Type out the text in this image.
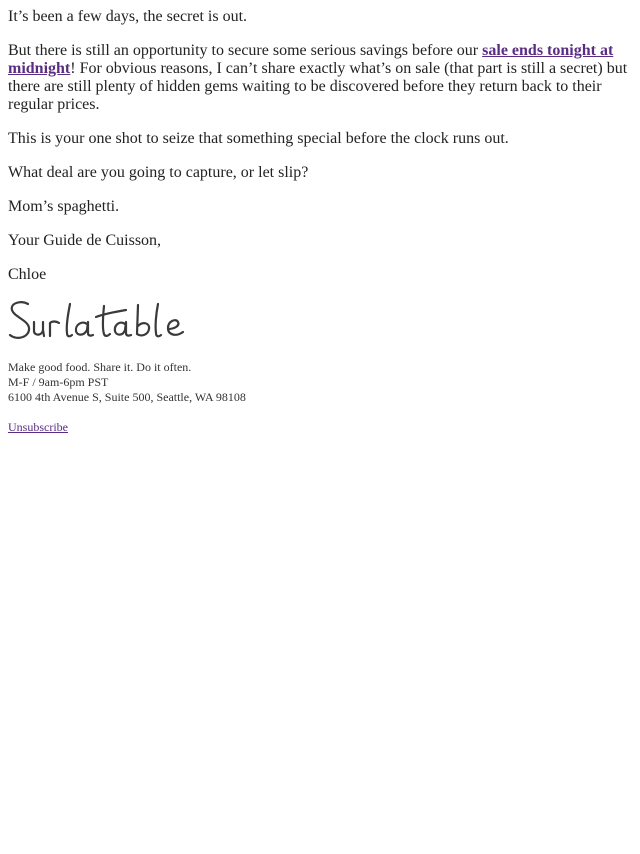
It’s been a few days, the secret is out.

But there is still an opportunity to secure some serious savings before our sale ends tonight at midnight! For obvious reasons, I can’t share exactly what’s on sale (that part is still a secret) but there are still plenty of hidden gems waiting to be discovered before they return back to their regular prices.

This is your one shot to seize that something special before the clock runs out.

What deal are you going to capture, or let slip?

Mom’s spaghetti.

Your Guide de Cuisson,

Chloe

Make good food. Share it. Do it often.
M-F / 9am-6pm PST
6100 4th Avenue S, Suite 500, Seattle, WA 98108
Unsubscribe
